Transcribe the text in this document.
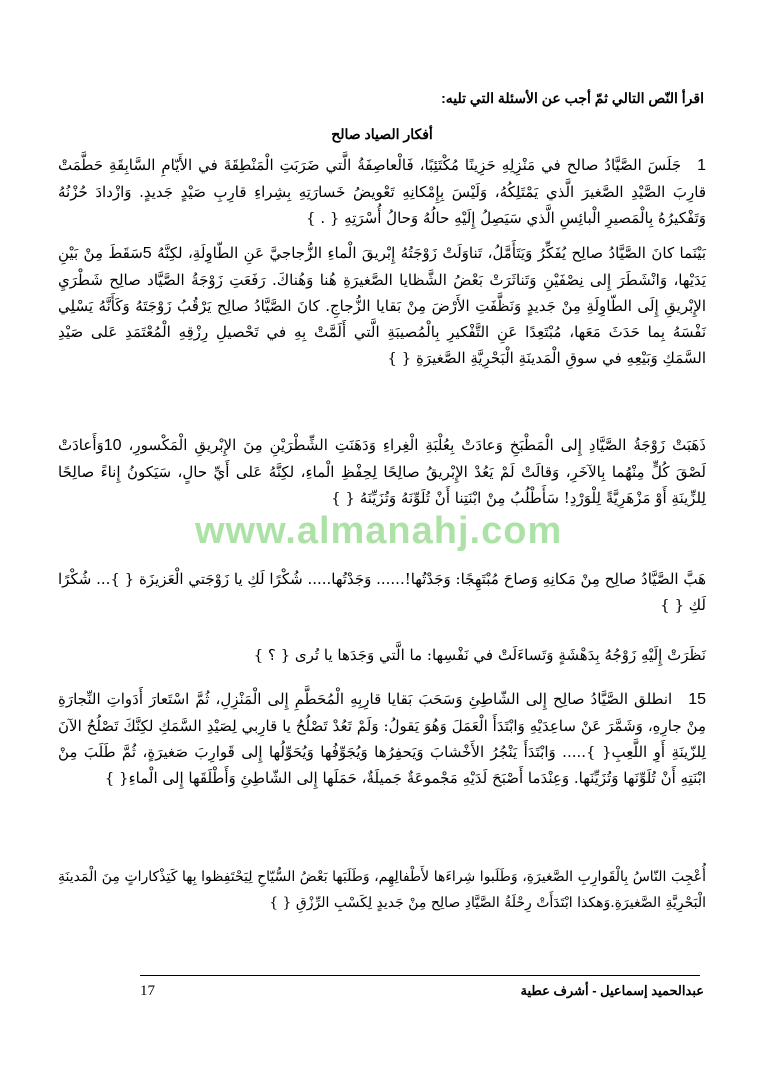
اقرأ النّص التالي ثمّ أجب عن الأسئلة التي تليه:
أفكار الصياد صالح
1 جَلَسَ الصَّيَّادُ صالح في مَنْزِلِهِ حَزِينًا مُكْتَئِبًا، فَالْعاصِفَةُ الَّتي ضَرَبَتِ الْمَنْطِقَةَ في الأَيّامِ السَّابِقَةِ حَطَّمَتْ قارِبَ الصَّيْدِ الصَّغيرَ الَّذي يَمْتَلِكُهُ، وَلَيْسَ بِإِمْكانِهِ تَعْويضُ خَسارَتِهِ بِشِراءِ قارِبِ صَيْدٍ جَديدٍ. وَازْدادَ حُزْنُهُ وَتَفْكيرُهُ بِالْمَصيرِ الْبائِسِ الَّذي سَيَصِلُ إِلَيْهِ حالُهُ وَحالُ أُسْرَتِهِ { . }
بَيْنَما كانَ الصَّيَّادُ صالِح يُفَكِّرُ وَيَتَأَمَّلُ، تَناوَلَتْ زَوْجَتُهُ إِبْريقَ الْماءِ الزُّجاجيَّ عَنِ الطّاوِلَةِ، لكِنَّهُ 5سَقَطَ مِنْ بَيْنِ يَدَيْها، وَانْشَطَرَ إِلى نِصْفَيْنِ وَتَناثَرَتْ بَعْضُ الشَّظايا الصَّغيرَةِ هُنا وَهُناكَ. رَفَعَتِ زَوْجَةُ الصَّيَّاد صالِح شَطْرَيِ الإِبْريقِ إِلَى الطّاوِلَةِ مِنْ جَديدٍ وَنَظَّفَتِ الأَرْضَ مِنْ بَقايا الزُّجاجِ. كانَ الصَّيَّادُ صالِح يَرْقُبُ زَوْجَتَهُ وَكَأَنَّهُ يَسْلِي نَفْسَهُ بِما حَدَثَ مَعَها، مُبْتَعِدًا عَنِ التَّفْكيرِ بِالْمُصيبَةِ الَّتي أَلَمَّتْ بِهِ في تَحْصيلِ رِزْقِهِ الْمُعْتَمَدِ عَلى صَيْدِ السَّمَكِ وَبَيْعِهِ في سوقِ الْمَدينَةِ الْبَحْرِيَّةِ الصَّغيرَةِ { }
ذَهَبَتْ زَوْجَةُ الصَّيَّادِ إِلى الْمَطْبَخِ وَعادَتْ بِعُلْبَةِ الْغِراءِ وَدَهَنَتِ الشِّطْرَيْنِ مِنَ الإِبْريقِ الْمَكْسورِ، 10وَأَعادَتْ لَصْقَ كُلٍّ مِنْهُما بِالآخَرِ، وَقالَتْ لَمْ يَعُدْ الإِبْريقُ صالِحًا لِحِفْظِ الْماءِ، لكِنَّهُ عَلى أَيِّ حالٍ، سَيَكونُ إِناءً صالِحًا لِلزِّينَةِ أَوْ مَزْهَرِيَّةً لِلْوَرْدِ! سَأَطْلُبُ مِنْ ابْنَتِنا أَنْ تُلَوِّنَهُ وَتُزَيِّنَهُ { }
هَبَّ الصَّيَّادُ صالِح مِنْ مَكانِهِ وَصاحَ مُبْتَهِجًا: وَجَدْتُها!...... وَجَدْتُها..... شُكْرًا لَكِ يا زَوْجَتي الْعَزيزَة { }... شُكْرًا لَكِ { }
نَظَرَتْ إِلَيْهِ زَوْجُهُ بِدَهْشَةٍ وَتَساءَلَتْ في نَفْسِها: ما الَّتي وَجَدَها يا تُرى { ؟ }
15 انطلق الصَّيَّادُ صالِح إِلى الشّاطِئِ وَسَحَبَ بَقايا قارِبِهِ الْمُحَطَّمِ إِلى الْمَنْزِلِ، ثُمَّ اسْتَعارَ أَدَواتِ النِّجارَةِ مِنْ جارِهِ، وَشَمَّرَ عَنْ ساعِدَيْهِ وَابْتَدَأَ الْعَمَلَ وَهُوَ يَقولُ: وَلَمْ تَعُدْ تَصْلُحُ يا قارِبي لِصَيْدِ السَّمَكِ لكِنَّكَ تَصْلُحُ الآنَ لِلزّينَةِ أَوِ اللَّعِبِ{ }..... وَابْتَدَأَ يَنْجُرُ الأَخْشابَ وَيَحفِرُها وَيُجَوِّفُها وَيُحَوِّلُها إِلى قَوارِبَ صَغيرَةٍ، ثُمَّ طَلَبَ مِنْ ابْنَتِهِ أَنْ تُلَوِّنَها وَتُزَيِّنَها. وَعِنْدَما أَصْبَحَ لَدَيْهِ مَجْموعَةٌ جَميلَةٌ، حَمَلَها إِلى الشّاطِئِ وَأَطْلَقَها إِلى الْماءِ{ }
أُعْجِبَ النّاسُ بِالْقَوارِبِ الصَّغيرَةِ، وَطَلَبوا شِراءَها لأَطْفالِهِم، وَطَلَبَها بَعْضُ السُّيّاحِ لِيَحْتَفِظوا بِها كَتِذْكاراتٍ مِنَ الْمَدينَةِ الْبَحْرِيَّةِ الصَّغيرَةِ.وَهكذا ابْتَدَأَتْ رِحْلَةُ الصَّيَّادِ صالِح مِنْ جَديدٍ لِكَسْبِ الرِّزْقِ { }
www.almanahj.com
عبدالحميد إسماعيل - أشرف عطية
17
